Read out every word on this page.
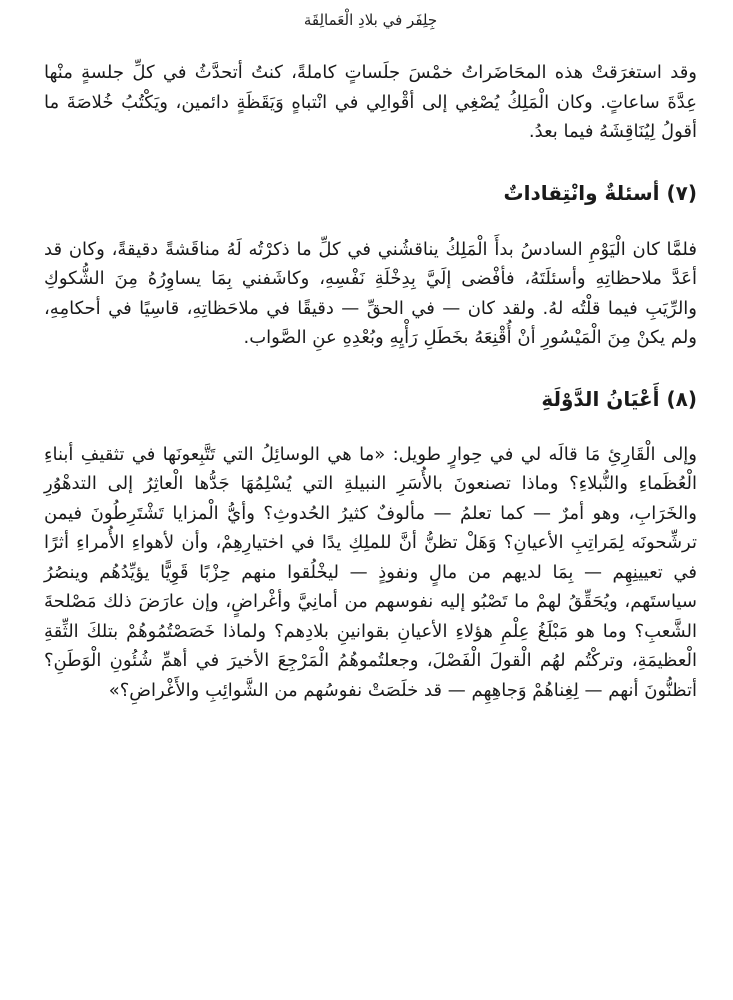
جِلِفَر في بلادِ الْعَمالِقَة

وقد استغرَقتْ هذه المحَاضَراتُ خمْسَ جلَساتٍ كاملةً، كنتُ أتحدَّثُ في كلِّ جلسةٍ منْها عِدَّةَ ساعاتٍ. وكان الْمَلِكُ يُصْغِي إلى أقْوالِي في انْتباهٍ وَيَقَظَةٍ دائمين، ويَكْتُبُ خُلاصَةَ ما أقولُ لِيُنَاقِشَهُ فيما بعدُ.

(٧) أسئلةٌ وانْتِقاداتٌ

فلمَّا كان الْيَوْمِ السادسُ بدأَ الْمَلِكُ يناقشُني في كلِّ ما ذكرْتُه لَهُ مناقَشةً دقيقةً، وكان قد أعَدَّ ملاحظاتِهِ وأسئلَتَهُ، فأفْضى إلَيَّ بِدِخْلَةِ نَفْسِهِ، وكاشَفني بِمَا يساوِرُهُ مِنَ الشُّكوكِ والرِّيَبِ فيما قلْتُه لهُ. ولقد كان — في الحقِّ — دقيقًا في ملاحَظاتِهِ، قاسِيًا في أحكامِهِ، ولم يكنْ مِنَ الْمَيْسُورِ أنْ أُقْنِعَهُ بخَطَلِ رَأْيِهِ وبُعْدِهِ عنِ الصَّواب.

(٨) أَعْيَانُ الدَّوْلَةِ

وإلى الْقَارِئِ مَا قالَه لي في حِوارٍ طويل: «ما هي الوسائِلُ التي تَتَّبِعونَها في تثقيفِ أبناءِ الْعُظَماءِ والنُّبلاءِ؟ وماذا تصنعونَ بالأُسَرِ النبيلةِ التي يُسْلِمُهَا جَدُّها الْعاثِرُ إلى التدهْوُرِ والخَرَابِ، وهو أمرٌ — كما تعلمُ — مألوفٌ كثيرُ الحُدوثِ؟ وأيُّ الْمزايا تَشْتَرِطُونَ فيمن ترشِّحونَه لِمَراتِبِ الأعيانِ؟ وَهَلْ تظنُّ أنَّ للملِكِ يدًا في اختيارِهِمْ، وأن لأهواءِ الأُمراءِ أثرًا في تعيينِهِم — بِمَا لديهم من مالٍ ونفوذٍ — ليخْلُقوا منهم حِزْبًا قَوِيًّا يؤيِّدُهُم وينصُرُ سياستَهم، ويُحَقِّقُ لهمْ ما تَصْبُو إليه نفوسهم من أمانِيَّ وأغْراضٍ، وإن عارَضَ ذلك مَصْلحةَ الشَّعبِ؟ وما هو مَبْلَغُ عِلْمِ هؤلاءِ الأعيانِ بقوانينِ بلادِهم؟ ولماذا خَصَصْتُمُوهُمْ بتلكَ الثِّقةِ الْعظيمَةِ، وتركْتُم لهُم الْقولَ الْفَصْلَ، وجعلتُموهُمُ الْمَرْجِعَ الأخيرَ في أهمِّ شُئُونِ الْوَطَنِ؟ أتظنُّونَ أنهم — لِغِناهُمْ وَجاهِهِم — قد خلَصَتْ نفوسُهم من الشَّوائِبِ والأَغْراضِ؟»
